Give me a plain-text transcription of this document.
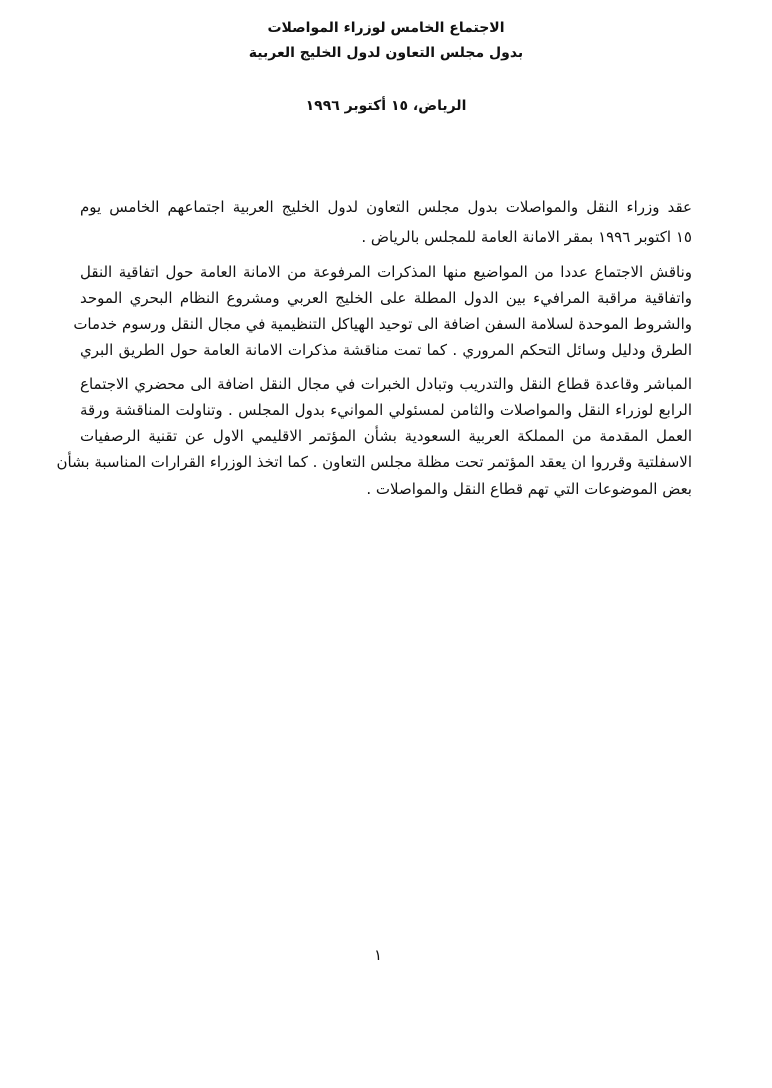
الاجتماع الخامس لوزراء المواصلات
بدول مجلس التعاون لدول الخليج العربية
الرياض، ١٥ أكتوبر ١٩٩٦
عقد وزراء النقل والمواصلات بدول مجلس التعاون لدول الخليج العربية اجتماعهم الخامس يوم
١٥ اكتوبر ١٩٩٦ بمقر الامانة العامة للمجلس بالرياض .
وناقش الاجتماع عددا من المواضيع منها المذكرات المرفوعة من الامانة العامة حول اتفاقية النقل
واتفاقية مراقبة المرافيء بين الدول المطلة على الخليج العربي ومشروع النظام البحري الموحد
والشروط الموحدة لسلامة السفن اضافة الى توحيد الهياكل التنظيمية في مجال النقل ورسوم خدمات
الطرق ودليل وسائل التحكم المروري . كما تمت مناقشة مذكرات الامانة العامة حول الطريق البري
المباشر وقاعدة قطاع النقل والتدريب وتبادل الخبرات في مجال النقل اضافة الى محضري الاجتماع
الرابع لوزراء النقل والمواصلات والثامن لمسئولي الموانيء بدول المجلس . وتناولت المناقشة ورقة
العمل المقدمة من المملكة العربية السعودية بشأن المؤتمر الاقليمي الاول عن تقنية الرصفيات
الاسفلتية وقرروا ان يعقد المؤتمر تحت مظلة مجلس التعاون . كما اتخذ الوزراء القرارات المناسبة بشأن
بعض الموضوعات التي تهم قطاع النقل والمواصلات .
١
